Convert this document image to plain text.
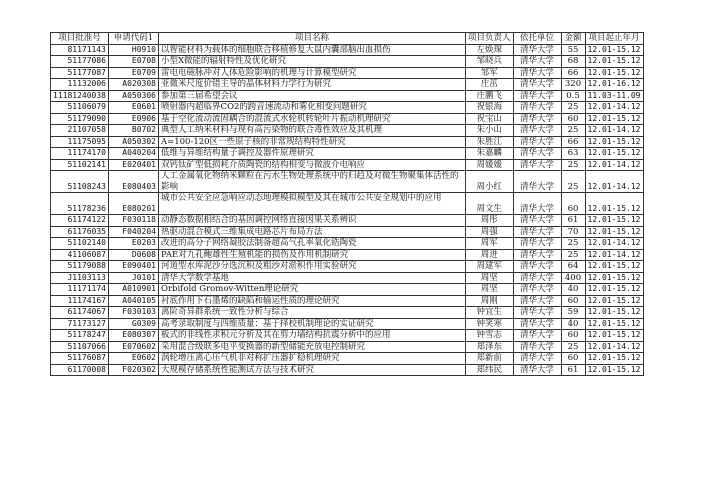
项目批准号	申请代码1	项目名称	项目负责人	依托单位	金额	项目起止年月
81171143	H0910	以智能材料为载体的细胞联合移植修复大鼠内囊部脑出血损伤	左焕琛	清华大学	55	12.01-15.12
51177086	E0708	小型X微能的辐射特性及优化研究	邹晓兵	清华大学	68	12.01-15.12
51177087	E0709	雷电电磁脉冲对人体危险影响的机理与计算模型研究	邹军	清华大学	66	12.01-15.12
11132006	A020308	亚微米尺度价错主导的晶体材料力学行为研究	庄茁	清华大学	320	12.01-16.12
11181240038	A050306	参加第三届希望会议	庄鹏飞	清华大学	0.5	11.03-11.09
51106079	E0601	喷射器内超临界CO2的跨音速流动和雾化相变问题研究	祝银海	清华大学	25	12.01-14.12
51179090	E0906	基于空化流动流固耦合的混流式水轮机转轮叶片振动机理研究	祝宝山	清华大学	60	12.01-15.12
21107058	B0702	典型人工纳米材料与现有高污染物的联合毒性效应及其机理	朱小山	清华大学	25	12.01-14.12
11175095	A050302	A=100-120区一些原子核的非常规结构特性研究	朱胜江	清华大学	66	12.01-15.12
11174170	A040204	低维与异维结构量子调控及器件原理研究	朱嘉麟	清华大学	63	12.01-15.12
51102141	E020401	双钙钛矿型低损耗介质陶瓷的结构相变与微波介电响应	周媛媛	清华大学	25	12.01-14.12
51108243	E080403	人工金属氧化物纳米颗粒在污水生物处理系统中的归趋及对微生物聚集体活性的影响	周小红	清华大学	25	12.01-14.12
51178236	E080201	城市公共安全应急响应动态地理模拟模型及其在城市公共安全规划中的应用	周文生	清华大学	60	12.01-15.12
61174122	F030118	动静态数据相结合的基因调控网络直接因果关系辨识	周彤	清华大学	61	12.01-15.12
61176035	F040204	热驱动混合模式三维集成电路芯片布局方法	周强	清华大学	70	12.01-15.12
51102140	E0203	改进的高分子网络凝胶法制备超高气孔率氧化锆陶瓷	周军	清华大学	25	12.01-14.12
41106087	D0608	PAE对九孔鲍雄性生殖机能的损伤及作用机制研究	周进	清华大学	25	12.01-14.12
51179088	E090401	河道型水库泥沙分选沉积及粗沙对淤积作用实验研究	周建军	清华大学	64	12.01-15.12
J1103113	J0101	清华大学数学基地	周坚	清华大学	400	12.01-15.12
11171174	A010901	Orbifold Gromov-Witten理论研究	周坚	清华大学	40	12.01-15.12
11174167	A040105	衬底作用下石墨烯的缺陷和输运性质的理论研究	周刚	清华大学	60	12.01-15.12
61174067	F030103	离阶奇异群系统一致性分析与综合	钟宜生	清华大学	59	12.01-15.12
71173127	G0309	高考录取制度与四维质量：基于择校机制理论的实证研究	钟笑寒	清华大学	40	12.01-15.12
51178247	E080307	板式的非线性求积元分析及其在剪力墙结构抗震分析中的应用	钟雪志	清华大学	60	12.01-15.12
51107066	E070602	采用混合级联多电平变换器的新型储能充放电控制研究	郑泽东	清华大学	25	12.01-14.12
51176087	E0602	涡轮增压离心压气机非对称扩压器扩稳机理研究	郑新前	清华大学	60	12.01-15.12
61170008	F020302	大规模存储系统性能测试方法与技术研究	郑纬民	清华大学	61	12.01-15.12
